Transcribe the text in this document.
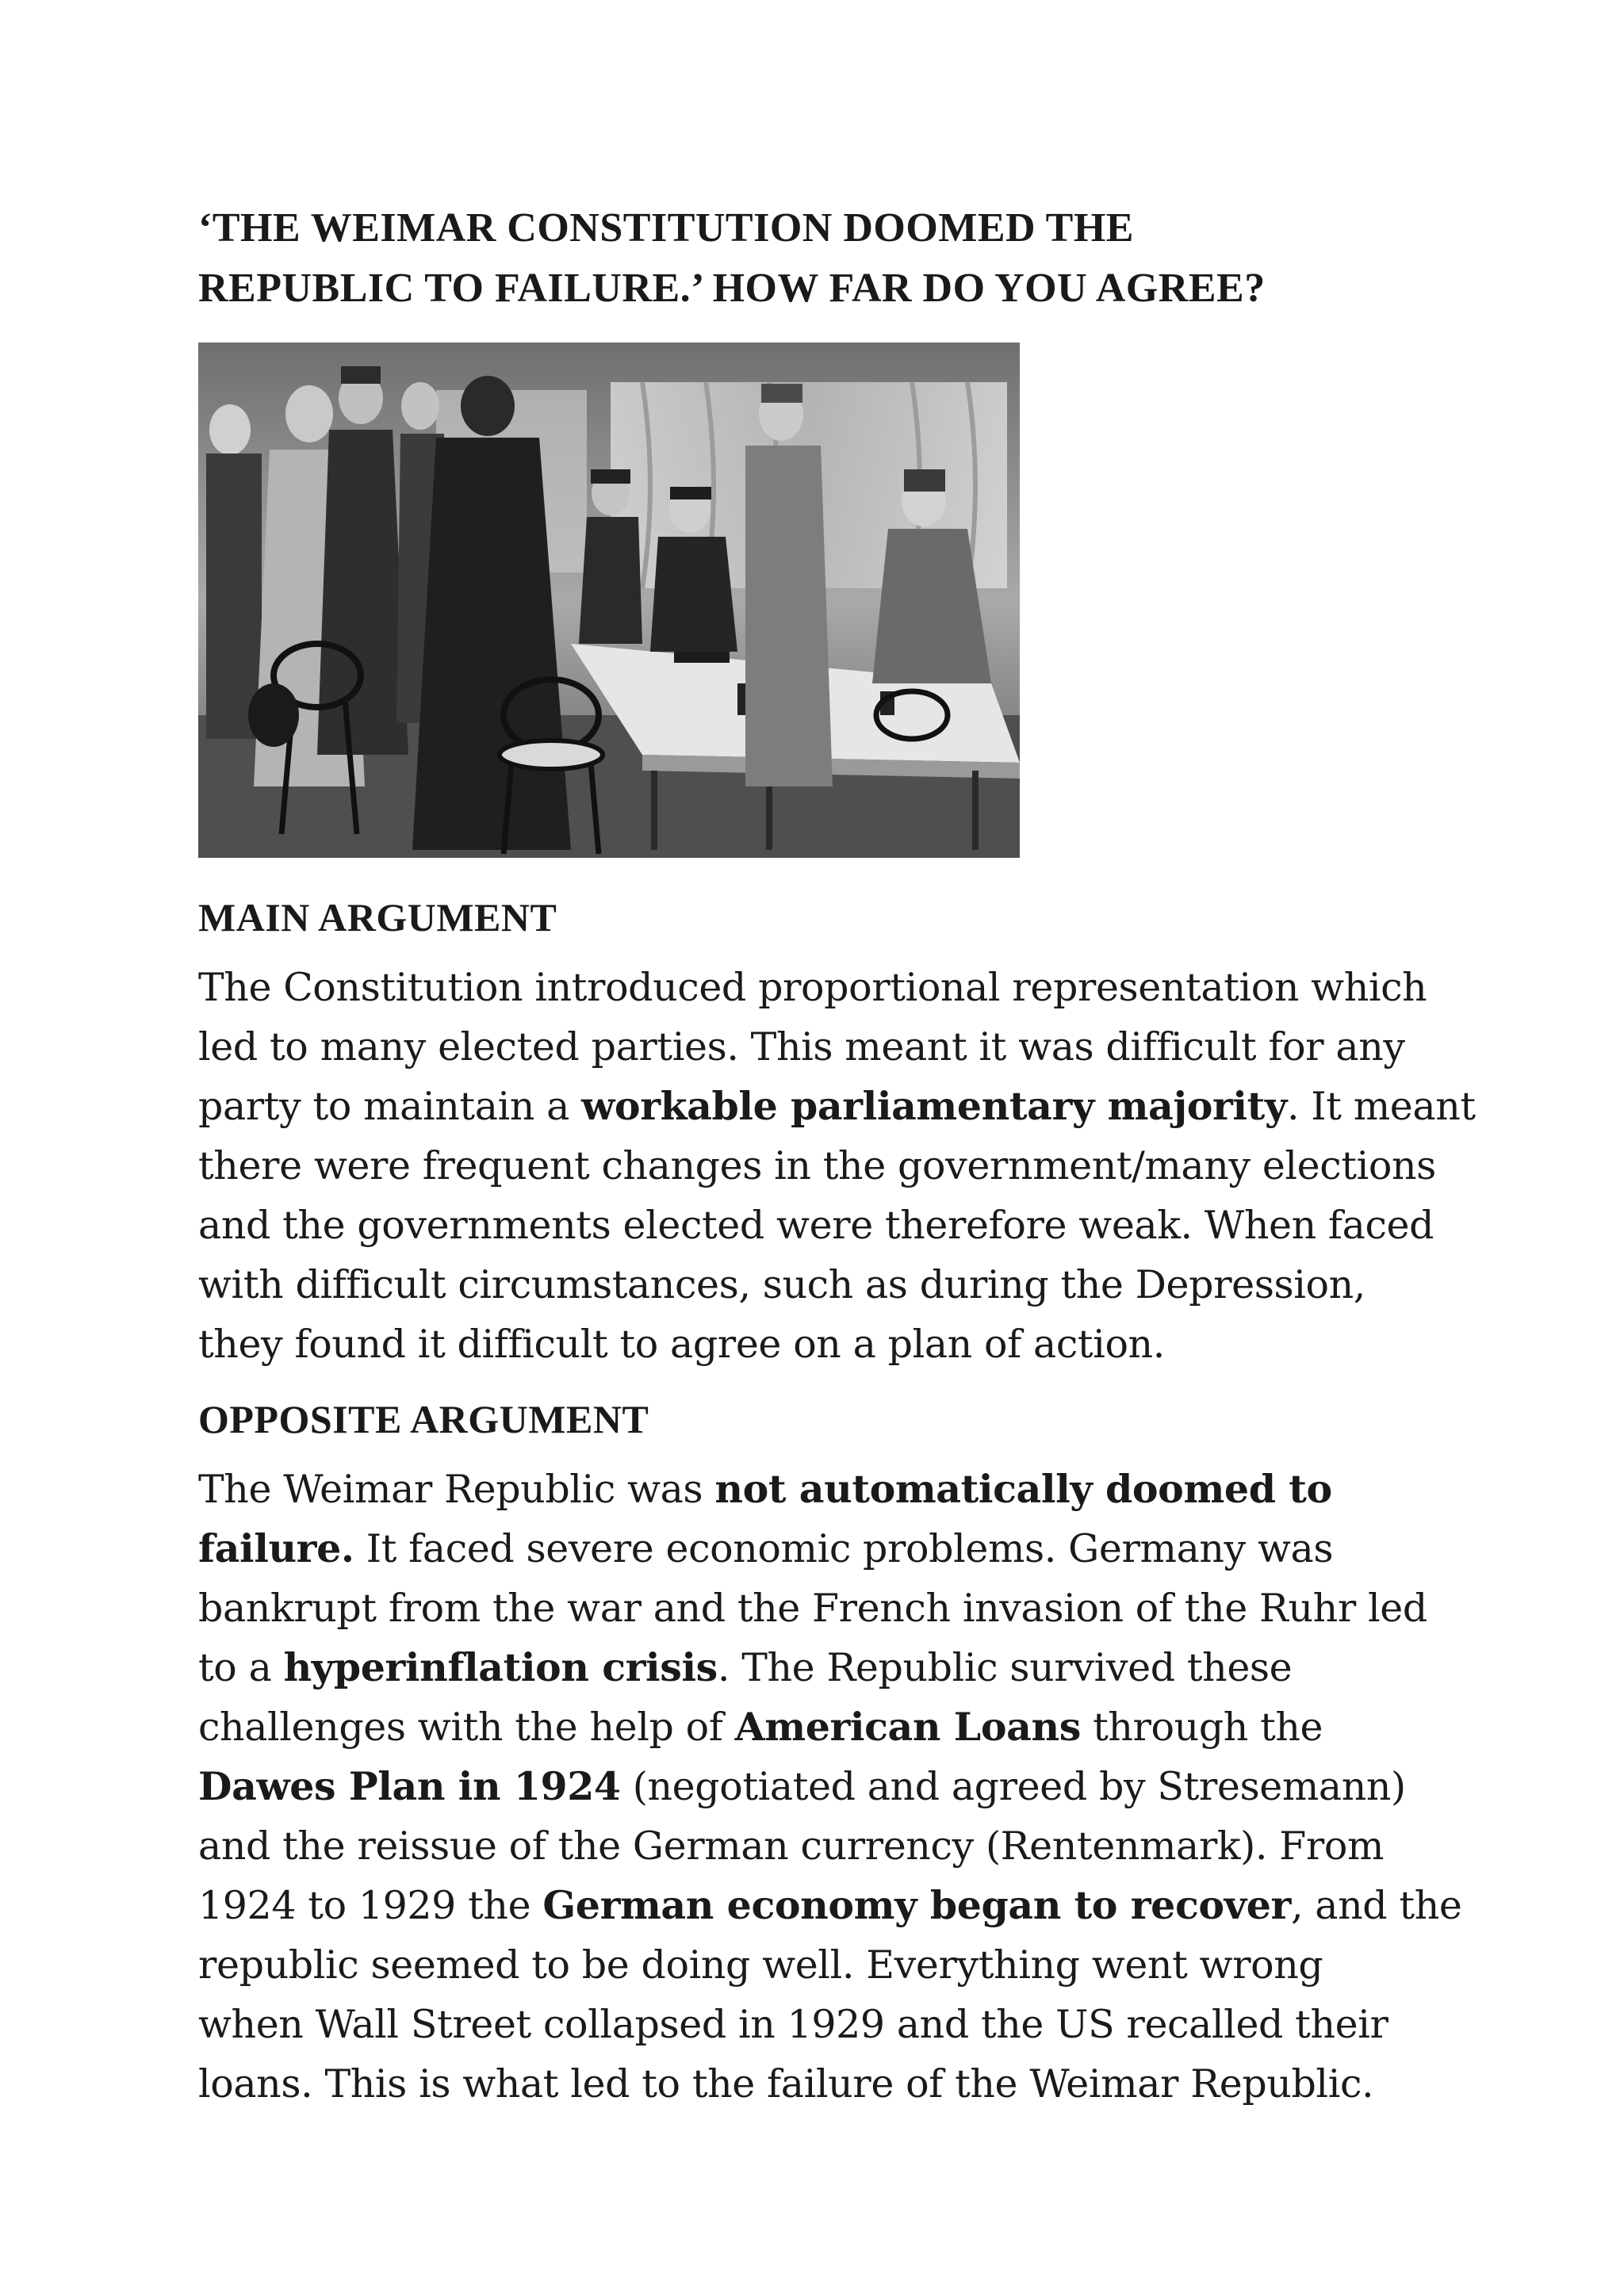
‘THE WEIMAR CONSTITUTION DOOMED THE
REPUBLIC TO FAILURE.’ HOW FAR DO YOU AGREE?
MAIN ARGUMENT

The Constitution introduced proportional representation which
led to many elected parties. This meant it was difficult for any
party to maintain a workable parliamentary majority. It meant
there were frequent changes in the government/many elections
and the governments elected were therefore weak. When faced
with difficult circumstances, such as during the Depression,
they found it difficult to agree on a plan of action.

OPPOSITE ARGUMENT

The Weimar Republic was not automatically doomed to
failure. It faced severe economic problems. Germany was
bankrupt from the war and the French invasion of the Ruhr led
to a hyperinflation crisis. The Republic survived these
challenges with the help of American Loans through the
Dawes Plan in 1924 (negotiated and agreed by Stresemann)
and the reissue of the German currency (Rentenmark). From
1924 to 1929 the German economy began to recover, and the
republic seemed to be doing well. Everything went wrong
when Wall Street collapsed in 1929 and the US recalled their
loans. This is what led to the failure of the Weimar Republic.
